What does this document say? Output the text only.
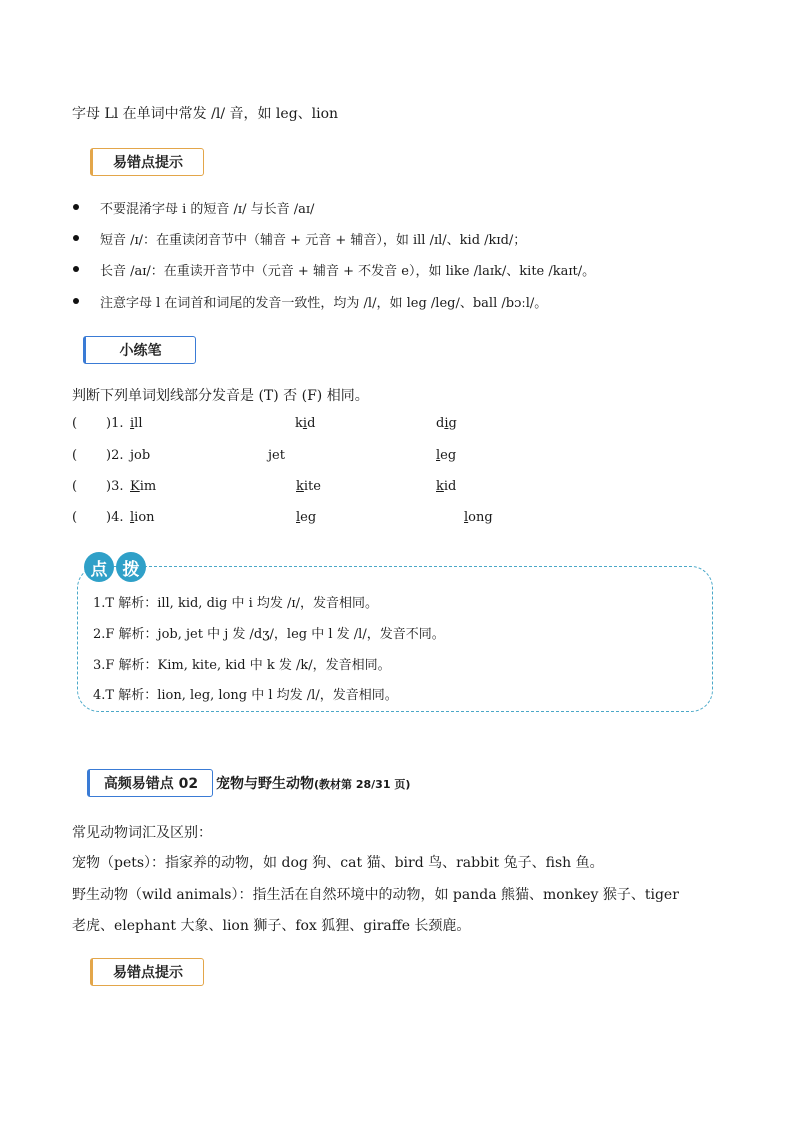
字母 Ll 在单词中常发 /l/ 音，如 leg、lion
易错点提示
不要混淆字母 i 的短音 /ɪ/ 与长音 /aɪ/
短音 /ɪ/：在重读闭音节中（辅音 + 元音 + 辅音），如 ill /ɪl/、kid /kɪd/；
长音 /aɪ/：在重读开音节中（元音 + 辅音 + 不发音 e），如 like /laɪk/、kite /kaɪt/。
注意字母 l 在词首和词尾的发音一致性，均为 /l/，如 leg /leg/、ball /bɔːl/。
小练笔
判断下列单词划线部分发音是 (T) 否 (F) 相同。
( )1. ill	kid	dig
( )2. job	jet	leg
( )3. Kim	kite	kid
( )4. lion	leg	long
点 拨
1.T 解析：ill, kid, dig 中 i 均发 /ɪ/，发音相同。
2.F 解析：job, jet 中 j 发 /dʒ/，leg 中 l 发 /l/，发音不同。
3.F 解析：Kim, kite, kid 中 k 发 /k/，发音相同。
4.T 解析：lion, leg, long 中 l 均发 /l/，发音相同。
高频易错点 02	宠物与野生动物(教材第 28/31 页)
常见动物词汇及区别：
宠物（pets）：指家养的动物，如 dog 狗、cat 猫、bird 鸟、rabbit 兔子、fish 鱼。
野生动物（wild animals）：指生活在自然环境中的动物，如 panda 熊猫、monkey 猴子、tiger
老虎、elephant 大象、lion 狮子、fox 狐狸、giraffe 长颈鹿。
易错点提示
